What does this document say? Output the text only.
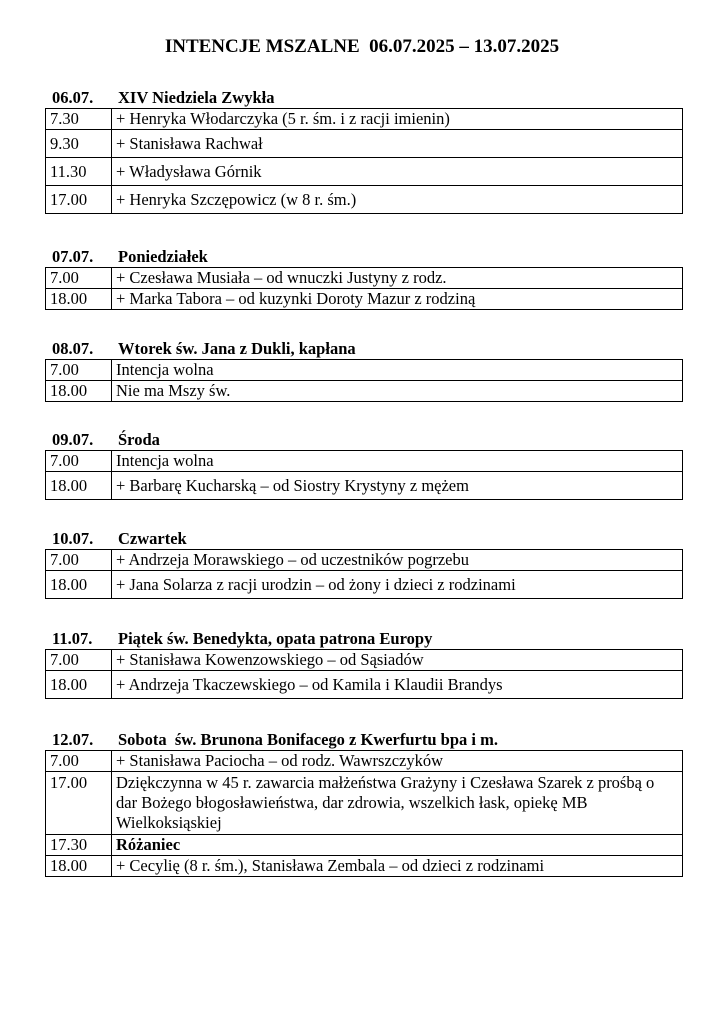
INTENCJE MSZALNE  06.07.2025 – 13.07.2025
06.07. XIV Niedziela Zwykła
7.30	+ Henryka Włodarczyka (5 r. śm. i z racji imienin)
9.30	+ Stanisława Rachwał
11.30	+ Władysława Górnik
17.00	+ Henryka Szczępowicz (w 8 r. śm.)
07.07. Poniedziałek
7.00	+ Czesława Musiała – od wnuczki Justyny z rodz.
18.00	+ Marka Tabora – od kuzynki Doroty Mazur z rodziną
08.07. Wtorek św. Jana z Dukli, kapłana
7.00	Intencja wolna
18.00	Nie ma Mszy św.
09.07. Środa
7.00	Intencja wolna
18.00	+ Barbarę Kucharską – od Siostry Krystyny z mężem
10.07. Czwartek
7.00	+ Andrzeja Morawskiego – od uczestników pogrzebu
18.00	+ Jana Solarza z racji urodzin – od żony i dzieci z rodzinami
11.07. Piątek św. Benedykta, opata patrona Europy
7.00	+ Stanisława Kowenzowskiego – od Sąsiadów
18.00	+ Andrzeja Tkaczewskiego – od Kamila i Klaudii Brandys
12.07. Sobota  św. Brunona Bonifacego z Kwerfurtu bpa i m.
7.00	+ Stanisława Paciocha – od rodz. Wawrszczyków
17.00	Dziękczynna w 45 r. zawarcia małżeństwa Grażyny i Czesława Szarek z prośbą o dar Bożego błogosławieństwa, dar zdrowia, wszelkich łask, opiekę MB Wielkoksiąskiej
17.30	Różaniec
18.00	+ Cecylię (8 r. śm.), Stanisława Zembala – od dzieci z rodzinami
